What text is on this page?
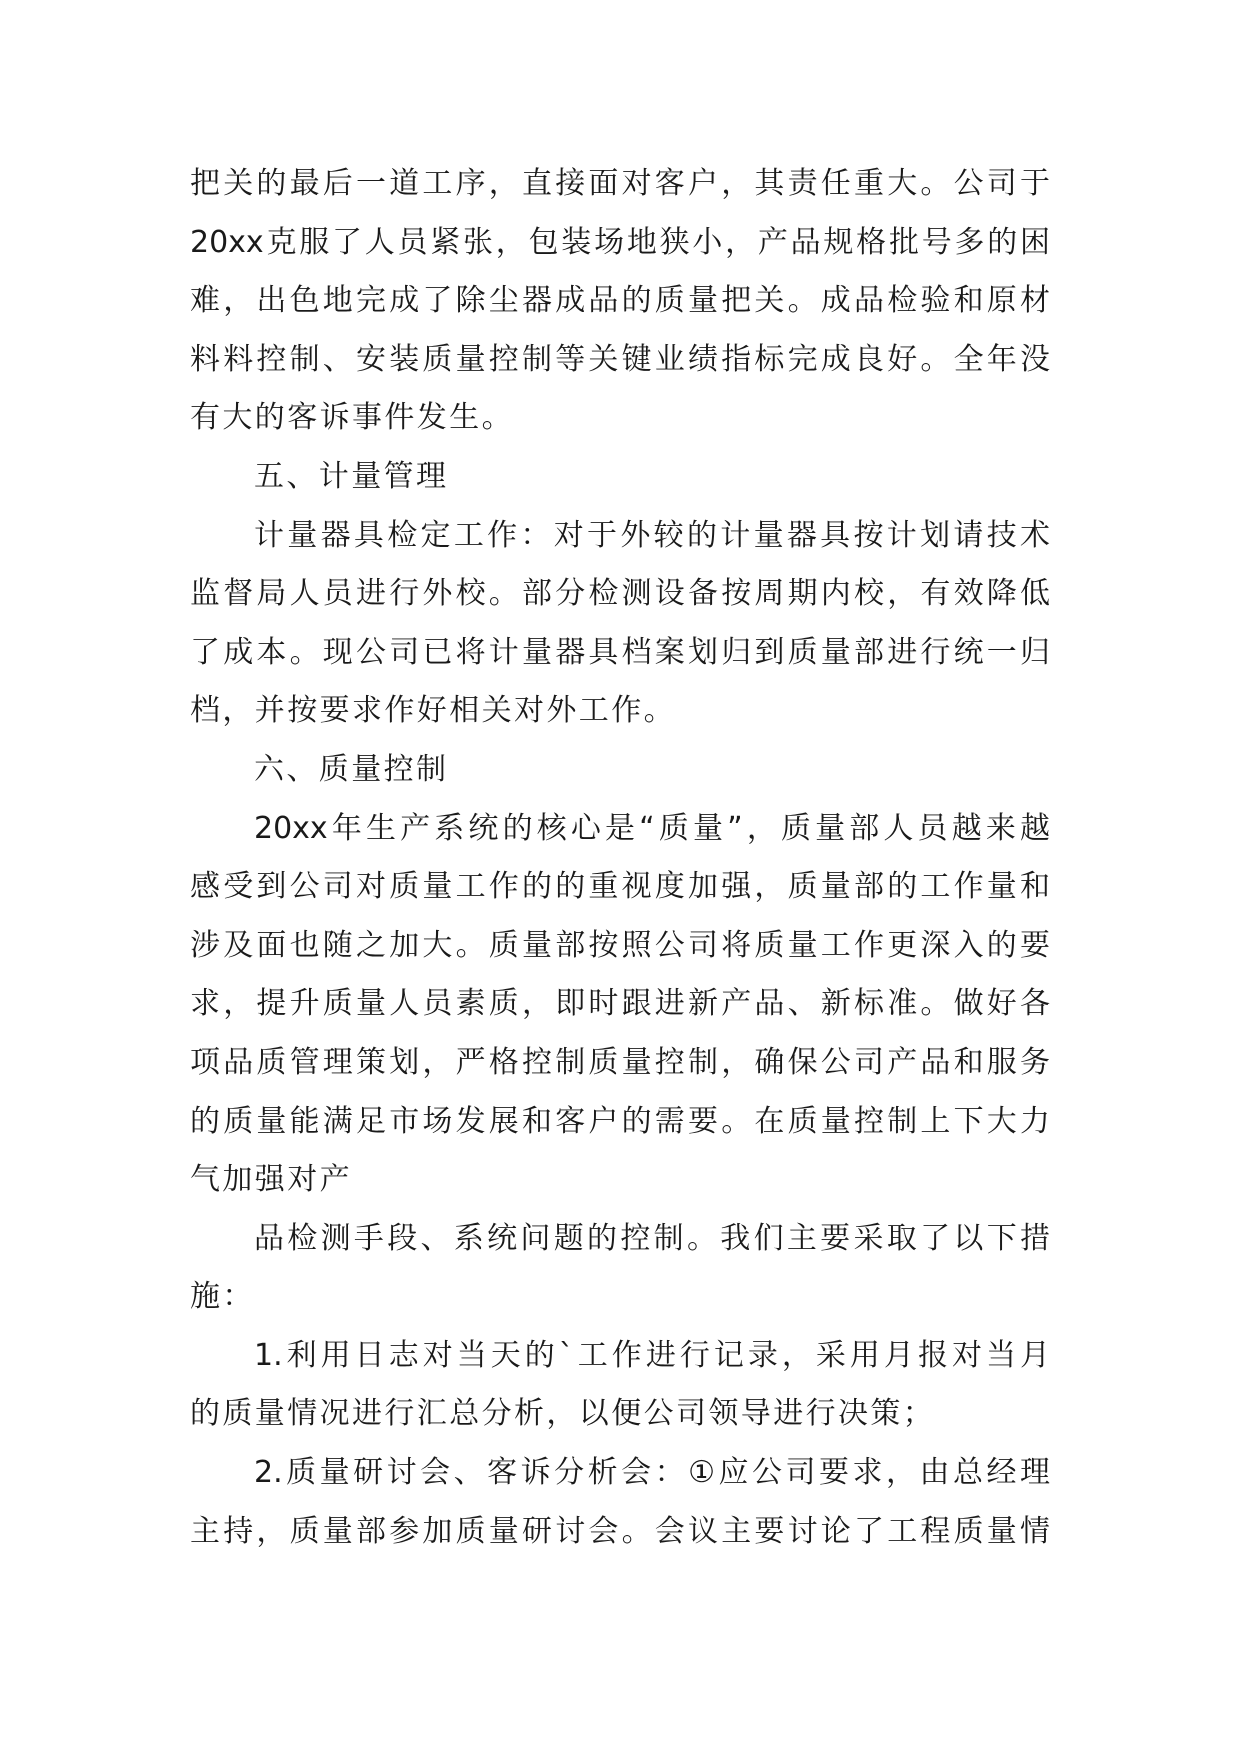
把关的最后一道工序，直接面对客户，其责任重大。公司于
20xx克服了人员紧张，包装场地狭小，产品规格批号多的困
难，出色地完成了除尘器成品的质量把关。成品检验和原材
料料控制、安装质量控制等关键业绩指标完成良好。全年没
有大的客诉事件发生。
五、计量管理
计量器具检定工作：对于外较的计量器具按计划请技术
监督局人员进行外校。部分检测设备按周期内校，有效降低
了成本。现公司已将计量器具档案划归到质量部进行统一归
档，并按要求作好相关对外工作。
六、质量控制
20xx年生产系统的核心是“质量”，质量部人员越来越
感受到公司对质量工作的的重视度加强，质量部的工作量和
涉及面也随之加大。质量部按照公司将质量工作更深入的要
求，提升质量人员素质，即时跟进新产品、新标准。做好各
项品质管理策划，严格控制质量控制，确保公司产品和服务
的质量能满足市场发展和客户的需要。在质量控制上下大力
气加强对产
品检测手段、系统问题的控制。我们主要采取了以下措
施：
1.利用日志对当天的`工作进行记录，采用月报对当月
的质量情况进行汇总分析，以便公司领导进行决策；
2.质量研讨会、客诉分析会：①应公司要求，由总经理
主持，质量部参加质量研讨会。会议主要讨论了工程质量情
